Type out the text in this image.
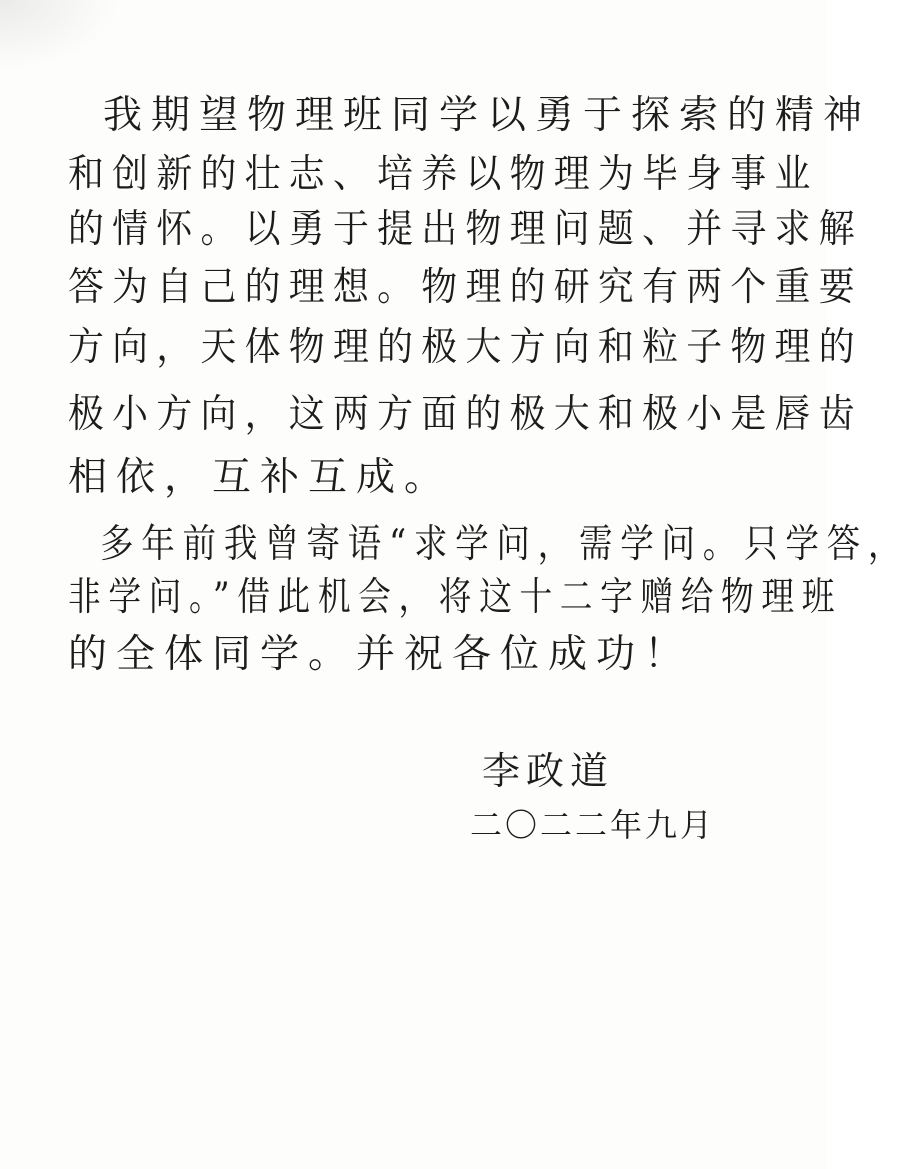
我期望物理班同学以勇于探索的精神
和创新的壮志、培养以物理为毕身事业
的情怀。以勇于提出物理问题、并寻求解
答为自己的理想。物理的研究有两个重要
方向，天体物理的极大方向和粒子物理的
极小方向，这两方面的极大和极小是唇齿
相依，互补互成。
多年前我曾寄语“求学问，需学问。只学答，
非学问。”借此机会，将这十二字赠给物理班
的全体同学。并祝各位成功！
李政道
二〇二二年九月
